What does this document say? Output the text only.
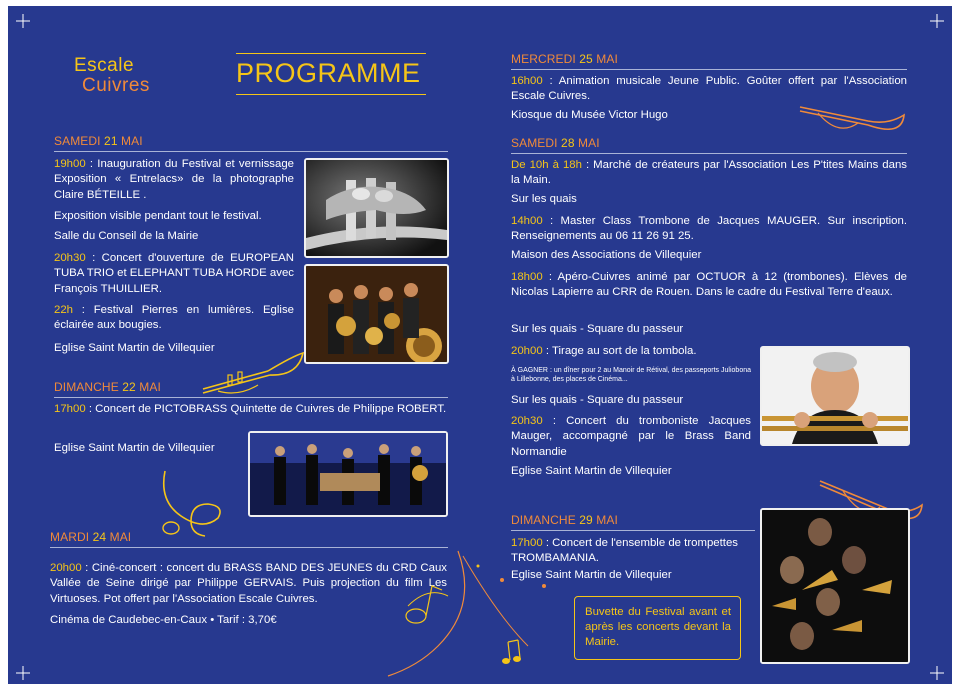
Escale
Cuivres	PROGRAMME
SAMEDI 21 MAI
19h00 : Inauguration du Festival et vernissage Exposition « Entrelacs» de la photographe Claire BÉTEILLE .
Exposition visible pendant tout le festival.
Salle du Conseil de la Mairie
20h30 : Concert d'ouverture de EUROPEAN TUBA TRIO et ELEPHANT TUBA HORDE avec François THUILLIER.
22h : Festival Pierres en lumières. Eglise éclairée aux bougies.
Eglise Saint Martin de Villequier
DIMANCHE 22 MAI
17h00 : Concert de PICTOBRASS Quintette de Cuivres de Philippe ROBERT.
Eglise Saint Martin de Villequier
MARDI 24 MAI
20h00 : Ciné-concert : concert du BRASS BAND DES JEUNES du CRD Caux Vallée de Seine dirigé par Philippe GERVAIS. Puis projection du film Les Virtuoses. Pot offert par l'Association Escale Cuivres.
Cinéma de Caudebec-en-Caux • Tarif : 3,70€
MERCREDI 25 MAI
16h00 : Animation musicale Jeune Public. Goûter offert par l'Association Escale Cuivres.
Kiosque du Musée Victor Hugo
SAMEDI 28 MAI
De 10h à 18h : Marché de créateurs par l'Association Les P'tites Mains dans la Main.
Sur les quais
14h00 : Master Class Trombone de Jacques MAUGER. Sur inscription. Renseignements au 06 11 26 91 25.
Maison des Associations de Villequier
18h00 : Apéro-Cuivres animé par OCTUOR à 12 (trombones). Elèves de Nicolas Lapierre au CRR de Rouen. Dans le cadre du Festival Terre d'eaux.
Sur les quais - Square du passeur
20h00 : Tirage au sort de la tombola.
À GAGNER : un dîner pour 2 au Manoir de Rétival, des passeports Juliobona à Lillebonne, des places de Cinéma...
Sur les quais - Square du passeur
20h30 : Concert du tromboniste Jacques Mauger, accompagné par le Brass Band Normandie
Eglise Saint Martin de Villequier
DIMANCHE 29 MAI
17h00 : Concert de l'ensemble de trompettes TROMBAMANIA.
Eglise Saint Martin de Villequier
Buvette du Festival avant et après les concerts devant la Mairie.
